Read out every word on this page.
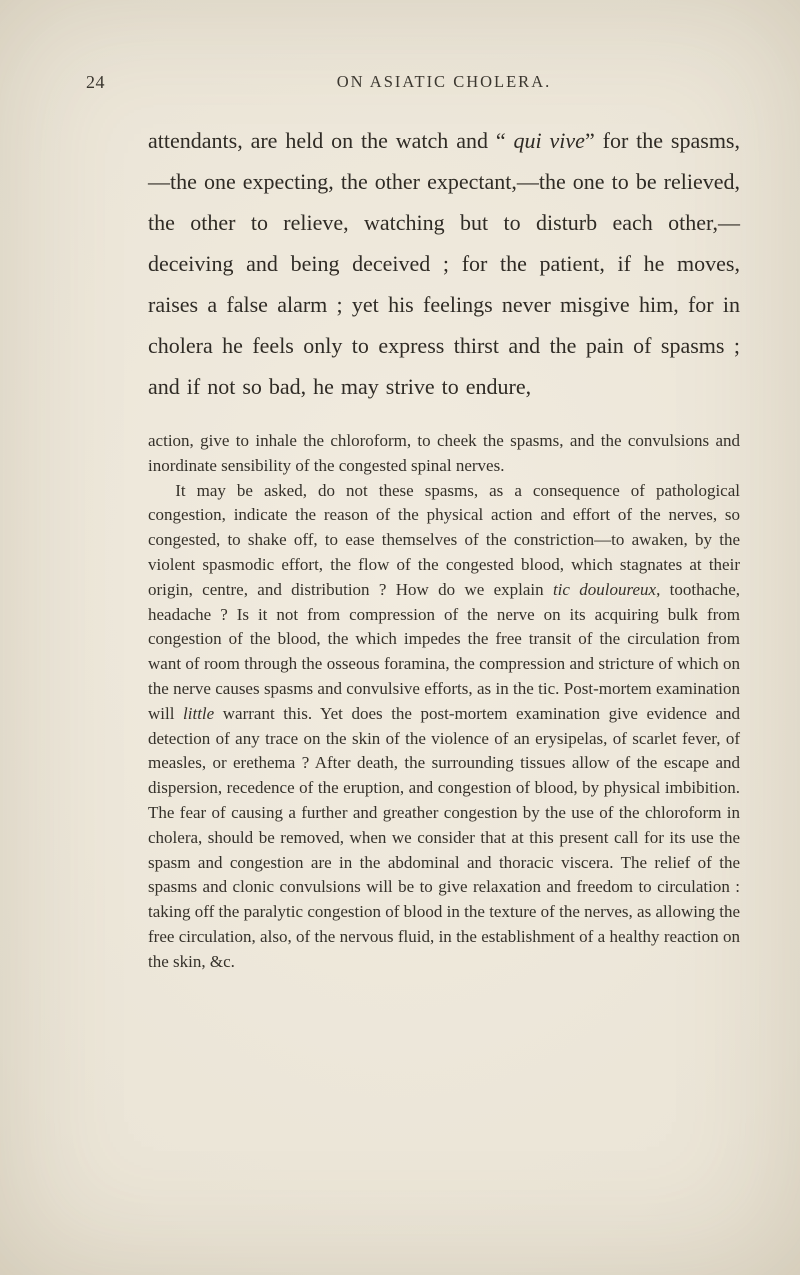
24	ON ASIATIC CHOLERA.

attendants, are held on the watch and “ qui vive” for the spasms,—the one expecting, the other expectant,—the one to be relieved, the other to relieve, watching but to disturb each other,—deceiving and being deceived ; for the patient, if he moves, raises a false alarm ; yet his feelings never misgive him, for in cholera he feels only to express thirst and the pain of spasms ; and if not so bad, he may strive to endure,

action, give to inhale the chloroform, to cheek the spasms, and the convulsions and inordinate sensibility of the congested spinal nerves.

It may be asked, do not these spasms, as a consequence of pathological congestion, indicate the reason of the physical action and effort of the nerves, so congested, to shake off, to ease themselves of the constriction—to awaken, by the violent spasmodic effort, the flow of the congested blood, which stagnates at their origin, centre, and distribution ? How do we explain tic douloureux, toothache, headache ? Is it not from compression of the nerve on its acquiring bulk from congestion of the blood, the which impedes the free transit of the circulation from want of room through the osseous foramina, the compression and stricture of which on the nerve causes spasms and convulsive efforts, as in the tic. Post-mortem examination will little warrant this. Yet does the post-mortem examination give evidence and detection of any trace on the skin of the violence of an erysipelas, of scarlet fever, of measles, or erethema ? After death, the surrounding tissues allow of the escape and dispersion, recedence of the eruption, and congestion of blood, by physical imbibition. The fear of causing a further and greather congestion by the use of the chloroform in cholera, should be removed, when we consider that at this present call for its use the spasm and congestion are in the abdominal and thoracic viscera. The relief of the spasms and clonic convulsions will be to give relaxation and freedom to circulation : taking off the paralytic congestion of blood in the texture of the nerves, as allowing the free circulation, also, of the nervous fluid, in the establishment of a healthy reaction on the skin, &c.
